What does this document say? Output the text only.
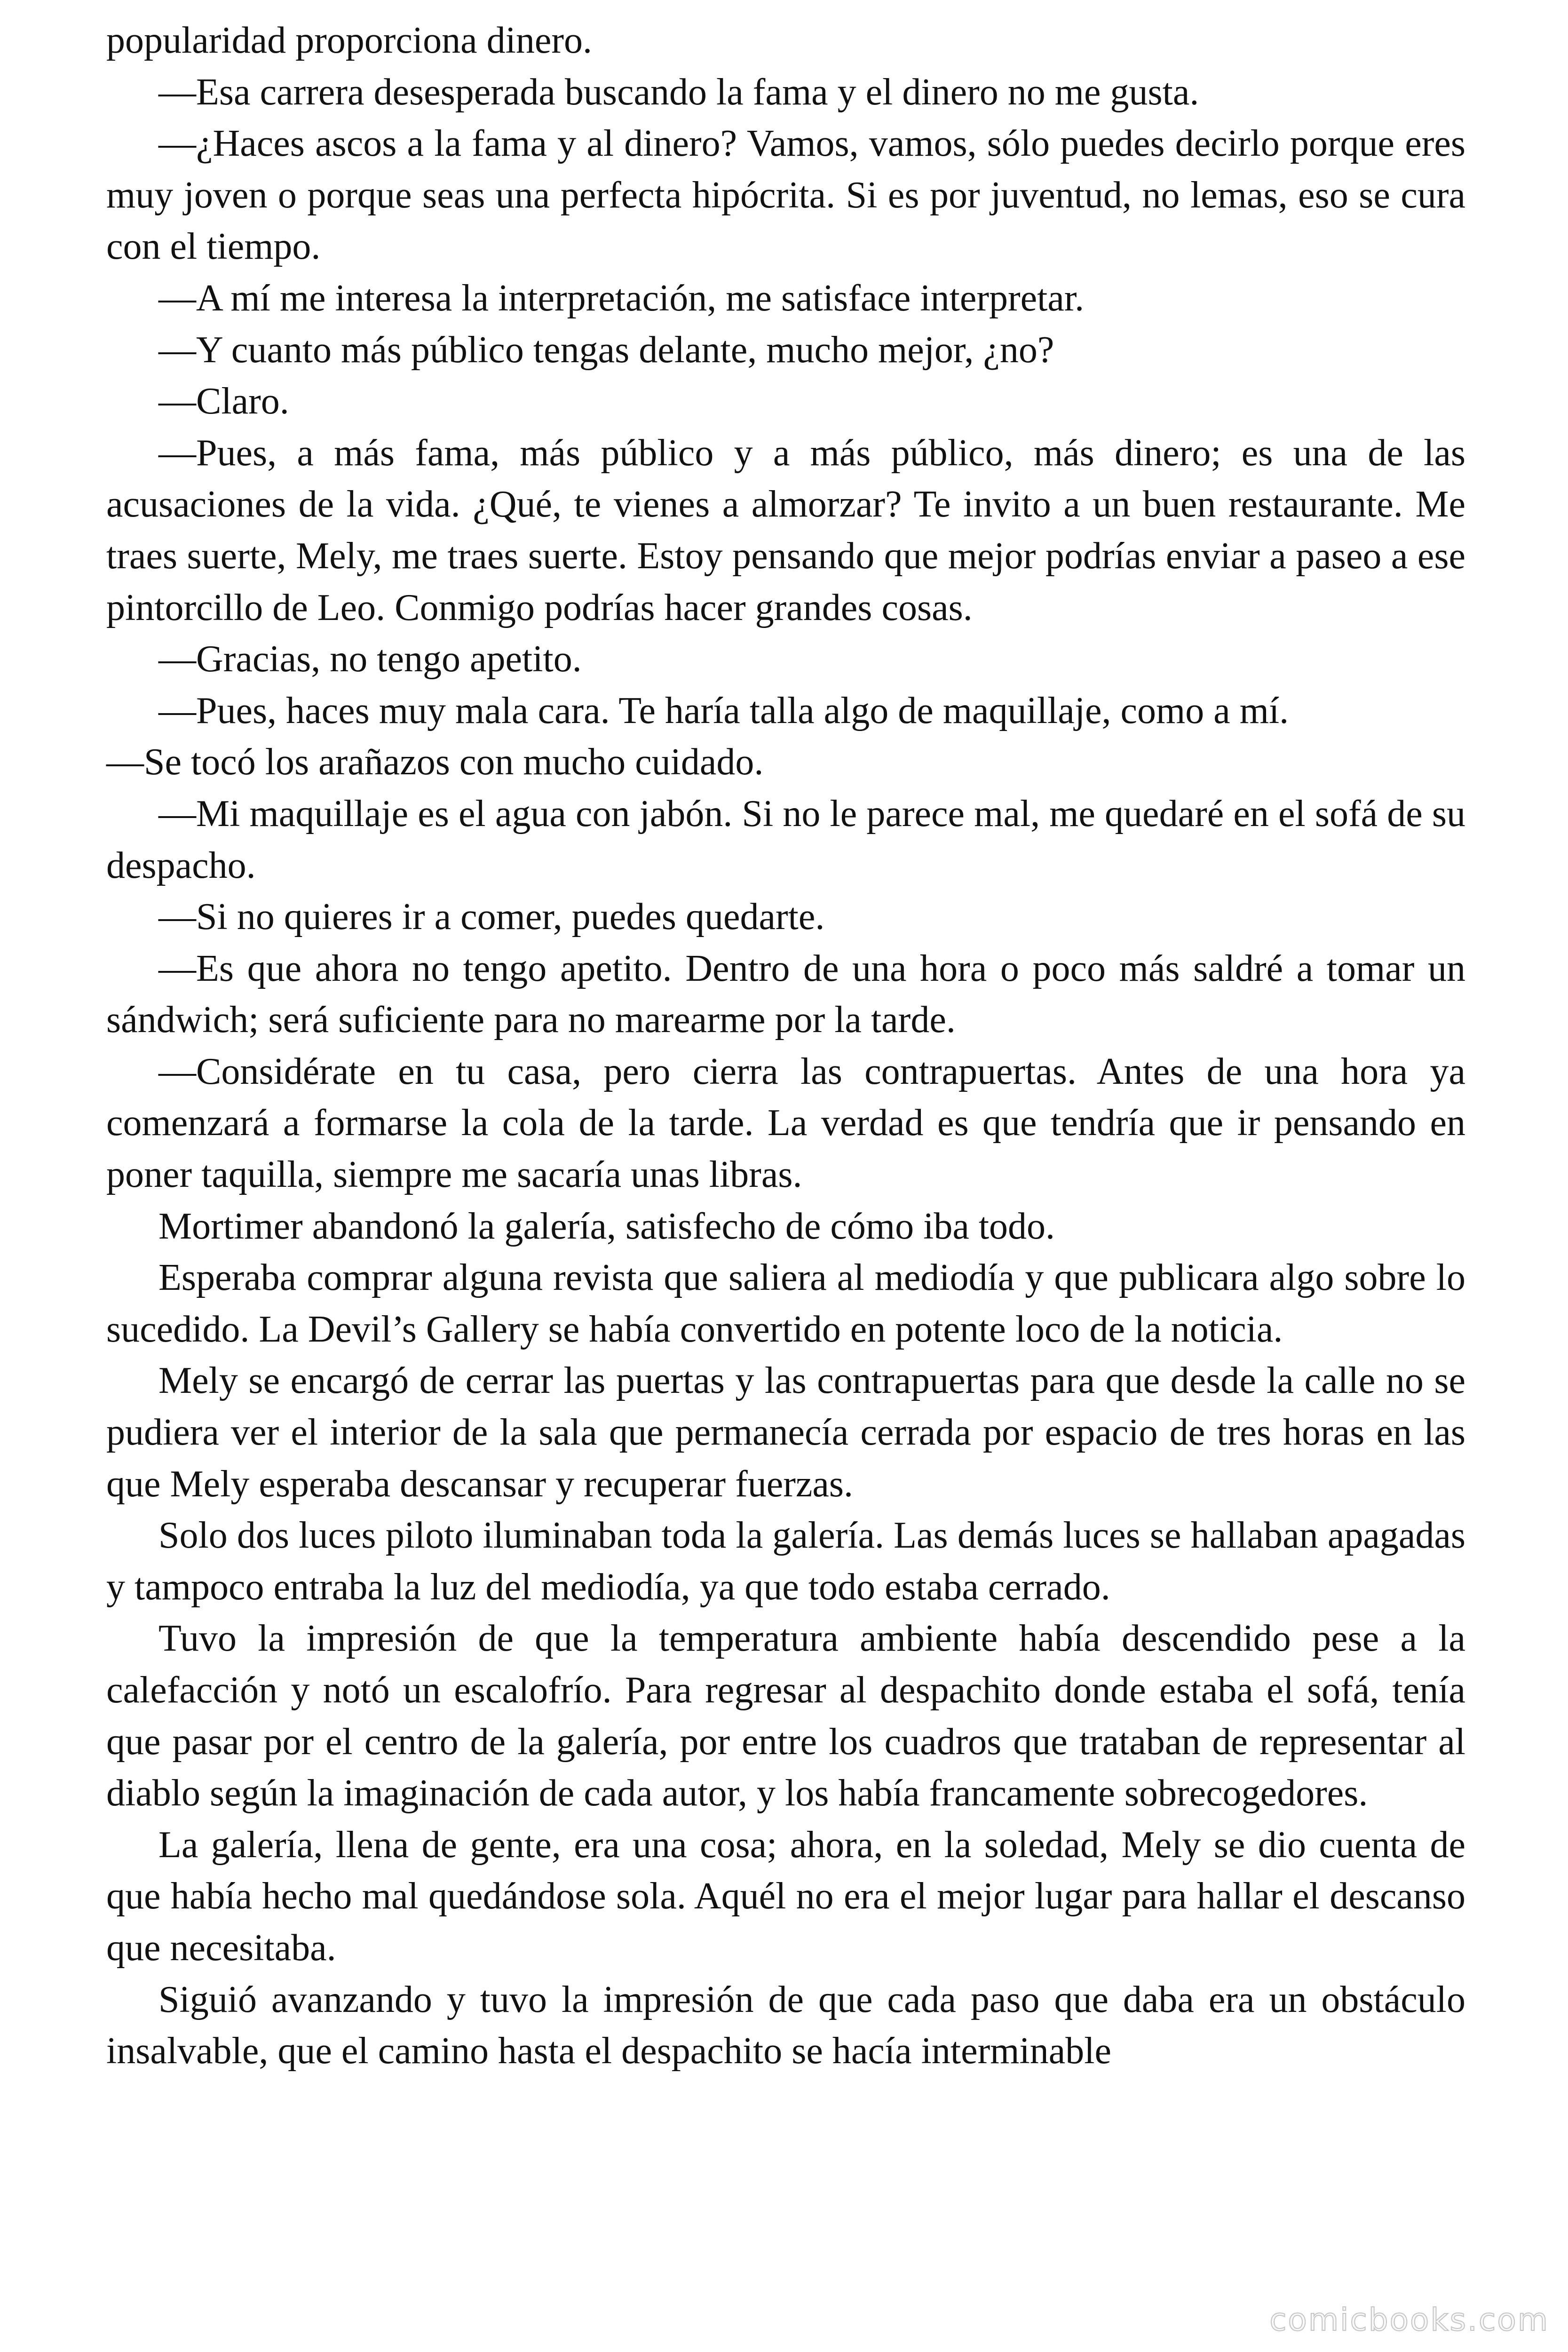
popularidad proporciona dinero.

—Esa carrera desesperada buscando la fama y el dinero no me gusta.

—¿Haces ascos a la fama y al dinero? Vamos, vamos, sólo puedes decirlo porque eres muy joven o porque seas una perfecta hipócrita. Si es por juventud, no lemas, eso se cura con el tiempo.

—A mí me interesa la interpretación, me satisface interpretar.

—Y cuanto más público tengas delante, mucho mejor, ¿no?

—Claro.

—Pues, a más fama, más público y a más público, más dinero; es una de las acusaciones de la vida. ¿Qué, te vienes a almorzar? Te invito a un buen restaurante. Me traes suerte, Mely, me traes suerte. Estoy pensando que mejor podrías enviar a paseo a ese pintorcillo de Leo. Conmigo podrías hacer grandes cosas.

—Gracias, no tengo apetito.

—Pues, haces muy mala cara. Te haría talla algo de maquillaje, como a mí.

—Se tocó los arañazos con mucho cuidado.

—Mi maquillaje es el agua con jabón. Si no le parece mal, me quedaré en el sofá de su despacho.

—Si no quieres ir a comer, puedes quedarte.

—Es que ahora no tengo apetito. Dentro de una hora o poco más saldré a tomar un sándwich; será suficiente para no marearme por la tarde.

—Considérate en tu casa, pero cierra las contrapuertas. Antes de una hora ya comenzará a formarse la cola de la tarde. La verdad es que tendría que ir pensando en poner taquilla, siempre me sacaría unas libras.

Mortimer abandonó la galería, satisfecho de cómo iba todo.

Esperaba comprar alguna revista que saliera al mediodía y que publicara algo sobre lo sucedido. La Devil’s Gallery se había convertido en potente loco de la noticia.

Mely se encargó de cerrar las puertas y las contrapuertas para que desde la calle no se pudiera ver el interior de la sala que permanecía cerrada por espacio de tres horas en las que Mely esperaba descansar y recuperar fuerzas.

Solo dos luces piloto iluminaban toda la galería. Las demás luces se hallaban apagadas y tampoco entraba la luz del mediodía, ya que todo estaba cerrado.

Tuvo la impresión de que la temperatura ambiente había descendido pese a la calefacción y notó un escalofrío. Para regresar al despachito donde estaba el sofá, tenía que pasar por el centro de la galería, por entre los cuadros que trataban de representar al diablo según la imaginación de cada autor, y los había francamente sobrecogedores.

La galería, llena de gente, era una cosa; ahora, en la soledad, Mely se dio cuenta de que había hecho mal quedándose sola. Aquél no era el mejor lugar para hallar el descanso que necesitaba.

Siguió avanzando y tuvo la impresión de que cada paso que daba era un obstáculo insalvable, que el camino hasta el despachito se hacía interminable

comicbooks.com
